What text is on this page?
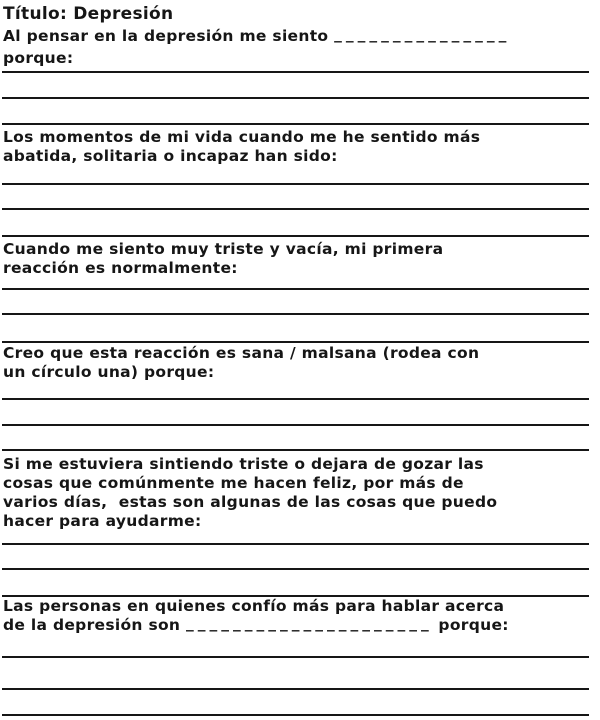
Título: Depresión
Al pensar en la depresión me siento _______________
porque:
Los momentos de mi vida cuando me he sentido más
abatida, solitaria o incapaz han sido:
Cuando me siento muy triste y vacía, mi primera
reacción es normalmente:
Creo que esta reacción es sana / malsana (rodea con
un círculo una) porque:
Si me estuviera sintiendo triste o dejara de gozar las
cosas que comúnmente me hacen feliz, por más de
varios días,  estas son algunas de las cosas que puedo
hacer para ayudarme:
Las personas en quienes confío más para hablar acerca
de la depresión son _____________________ porque:
